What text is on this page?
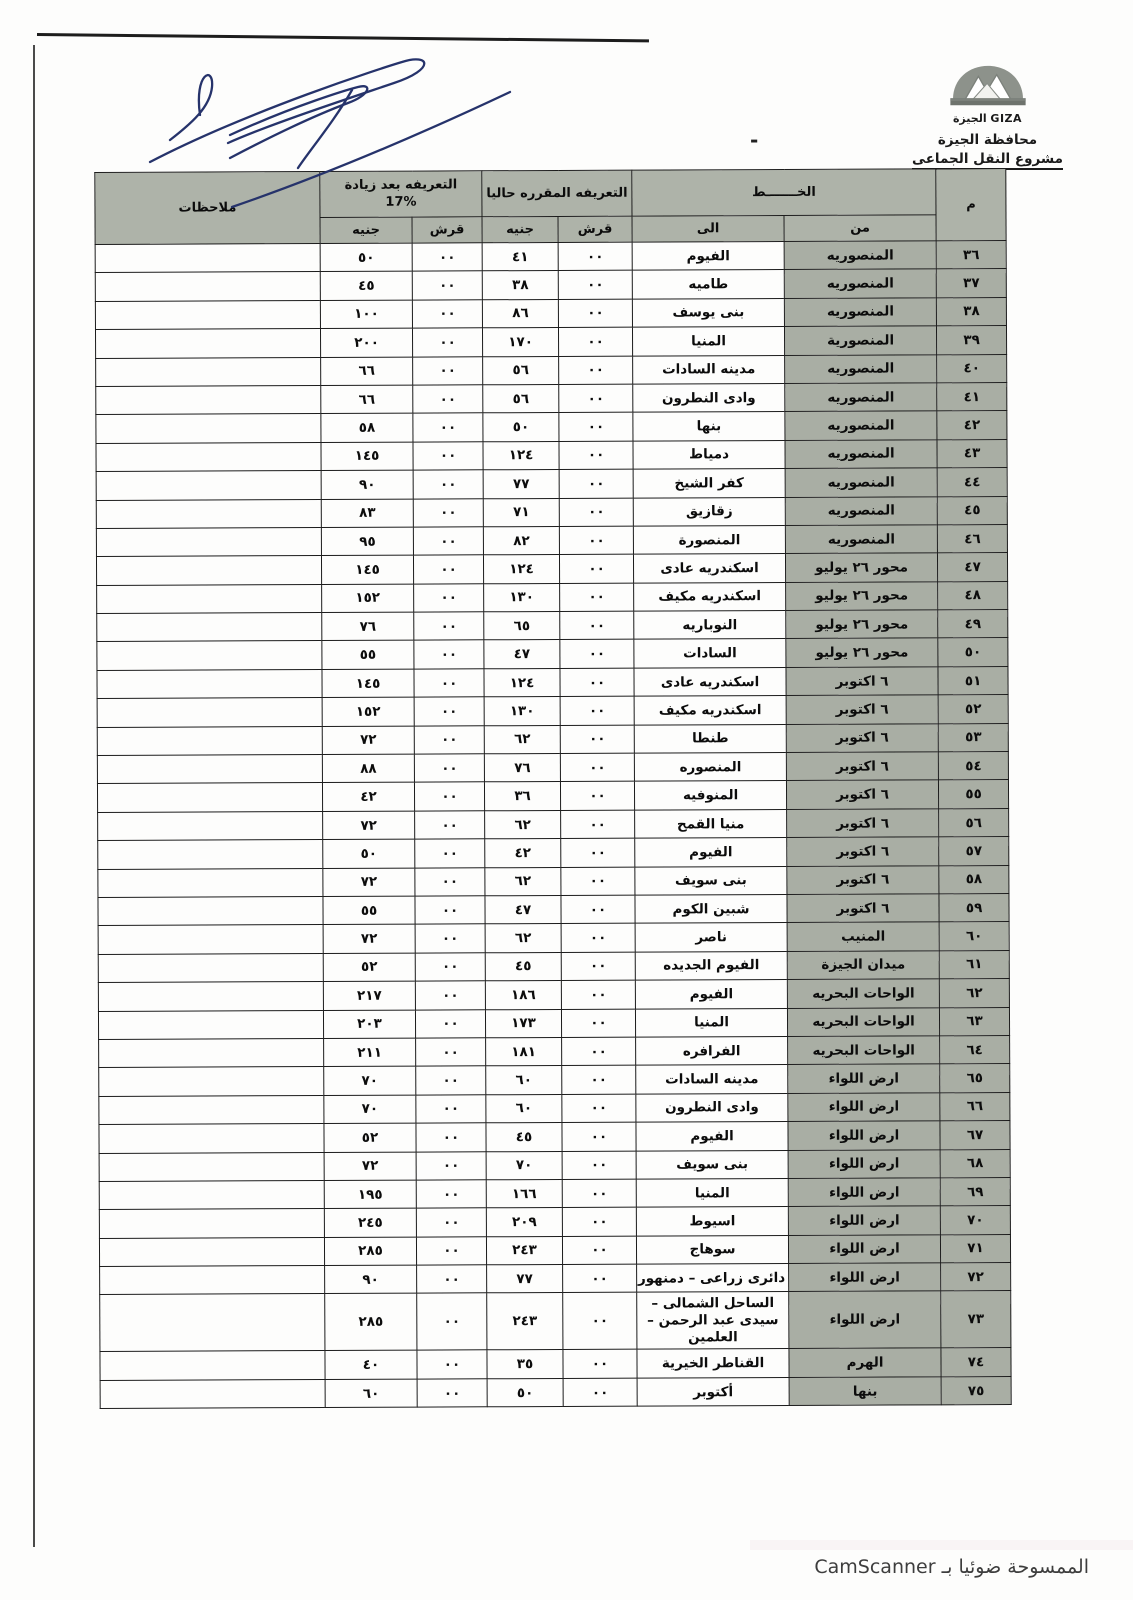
الجيزة GIZA
محافظة الجيزة
مشروع النقل الجماعى
-
م	الخـــــــط		التعريفه المقرره حاليا		التعريفه بعد زيادة
17%		ملاحظات
	من	الى	قرش	جنيه	قرش	جنيه	
٣٦	المنصوريه	الفيوم	٠٠	٤١	٠٠	٥٠	
٣٧	المنصوريه	طاميه	٠٠	٣٨	٠٠	٤٥	
٣٨	المنصوريه	بنى يوسف	٠٠	٨٦	٠٠	١٠٠	
٣٩	المنصورية	المنيا	٠٠	١٧٠	٠٠	٢٠٠	
٤٠	المنصوريه	مدينه السادات	٠٠	٥٦	٠٠	٦٦	
٤١	المنصوريه	وادى النطرون	٠٠	٥٦	٠٠	٦٦	
٤٢	المنصوريه	بنها	٠٠	٥٠	٠٠	٥٨	
٤٣	المنصوريه	دمياط	٠٠	١٢٤	٠٠	١٤٥	
٤٤	المنصوريه	كفر الشيخ	٠٠	٧٧	٠٠	٩٠	
٤٥	المنصوريه	زقازيق	٠٠	٧١	٠٠	٨٣	
٤٦	المنصوريه	المنصورة	٠٠	٨٢	٠٠	٩٥	
٤٧	محور ٢٦ يوليو	اسكندريه عادى	٠٠	١٢٤	٠٠	١٤٥	
٤٨	محور ٢٦ يوليو	اسكندريه مكيف	٠٠	١٣٠	٠٠	١٥٢	
٤٩	محور ٢٦ يوليو	النوباريه	٠٠	٦٥	٠٠	٧٦	
٥٠	محور ٢٦ يوليو	السادات	٠٠	٤٧	٠٠	٥٥	
٥١	٦ اكتوبر	اسكندريه عادى	٠٠	١٢٤	٠٠	١٤٥	
٥٢	٦ اكتوبر	اسكندريه مكيف	٠٠	١٣٠	٠٠	١٥٢	
٥٣	٦ اكتوبر	طنطا	٠٠	٦٢	٠٠	٧٢	
٥٤	٦ اكتوبر	المنصوره	٠٠	٧٦	٠٠	٨٨	
٥٥	٦ اكتوبر	المنوفيه	٠٠	٣٦	٠٠	٤٢	
٥٦	٦ اكتوبر	منيا القمح	٠٠	٦٢	٠٠	٧٢	
٥٧	٦ اكتوبر	الفيوم	٠٠	٤٢	٠٠	٥٠	
٥٨	٦ اكتوبر	بنى سويف	٠٠	٦٢	٠٠	٧٢	
٥٩	٦ اكتوبر	شبين الكوم	٠٠	٤٧	٠٠	٥٥	
٦٠	المنيب	ناصر	٠٠	٦٢	٠٠	٧٢	
٦١	ميدان الجيزة	الفيوم الجديده	٠٠	٤٥	٠٠	٥٢	
٦٢	الواحات البحريه	الفيوم	٠٠	١٨٦	٠٠	٢١٧	
٦٣	الواحات البحريه	المنيا	٠٠	١٧٣	٠٠	٢٠٣	
٦٤	الواحات البحريه	الفرافره	٠٠	١٨١	٠٠	٢١١	
٦٥	ارض اللواء	مدينه السادات	٠٠	٦٠	٠٠	٧٠	
٦٦	ارض اللواء	وادى النطرون	٠٠	٦٠	٠٠	٧٠	
٦٧	ارض اللواء	الفيوم	٠٠	٤٥	٠٠	٥٢	
٦٨	ارض اللواء	بنى سويف	٠٠	٧٠	٠٠	٧٢	
٦٩	ارض اللواء	المنيا	٠٠	١٦٦	٠٠	١٩٥	
٧٠	ارض اللواء	اسيوط	٠٠	٢٠٩	٠٠	٢٤٥	
٧١	ارض اللواء	سوهاج	٠٠	٢٤٣	٠٠	٢٨٥	
٧٢	ارض اللواء	دائرى زراعى – دمنهور	٠٠	٧٧	٠٠	٩٠	
٧٣	ارض اللواء	الساحل الشمالى –سيدى عبد الرحمن – العلمين	٠٠	٢٤٣	٠٠	٢٨٥	
٧٤	الهرم	القناطر الخيرية	٠٠	٣٥	٠٠	٤٠	
٧٥	بنها	أكتوبر	٠٠	٥٠	٠٠	٦٠	
الممسوحة ضوئيا بـ CamScanner
